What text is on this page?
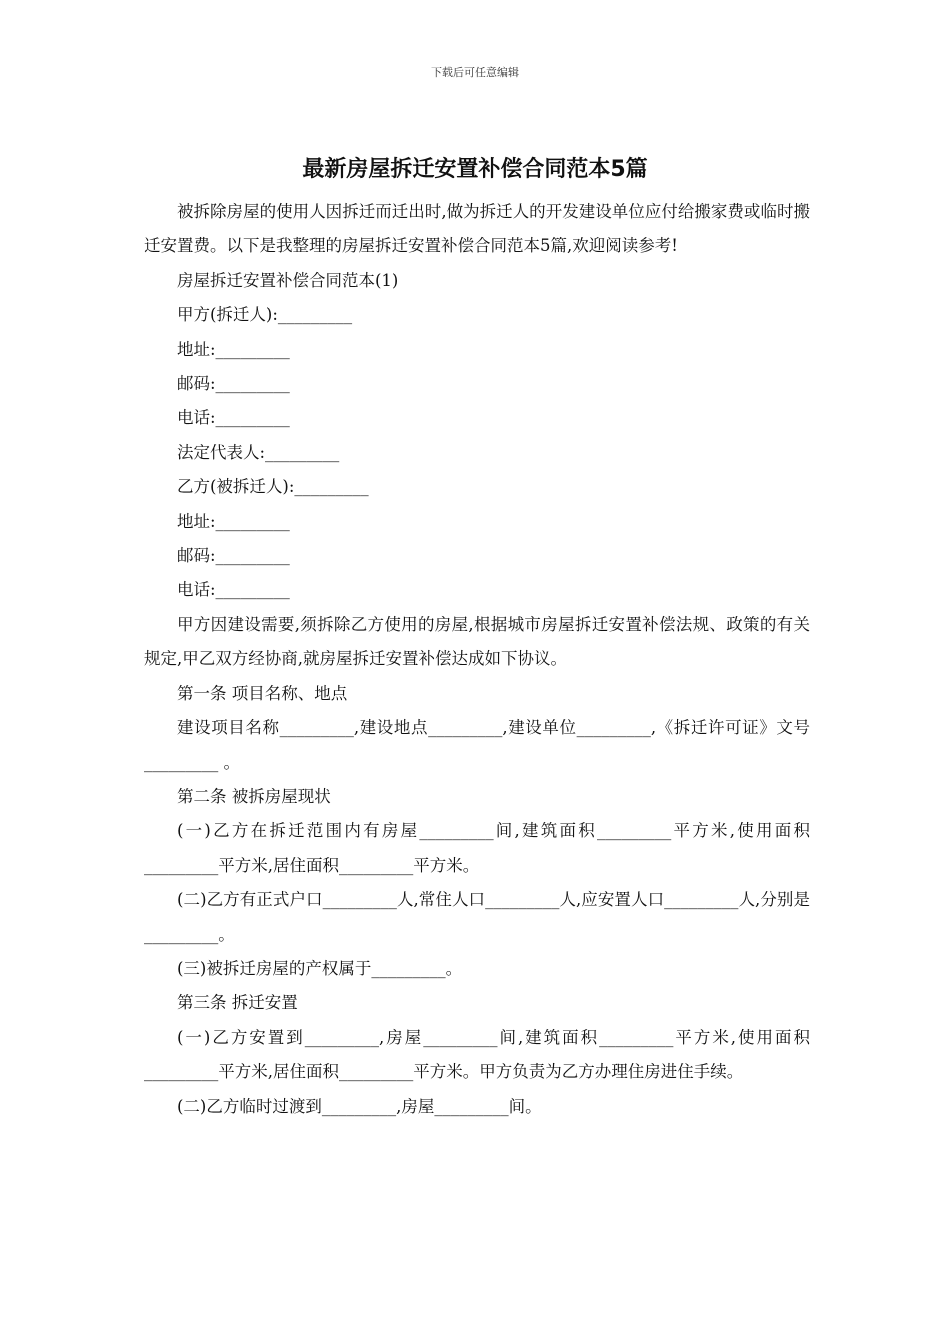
下载后可任意编辑
最新房屋拆迁安置补偿合同范本5篇

被拆除房屋的使用人因拆迁而迁出时,做为拆迁人的开发建设单位应付给搬家费或临时搬迁安置费。以下是我整理的房屋拆迁安置补偿合同范本5篇,欢迎阅读参考!

房屋拆迁安置补偿合同范本(1)

甲方(拆迁人):_________

地址:_________

邮码:_________

电话:_________

法定代表人:_________

乙方(被拆迁人):_________

地址:_________

邮码:_________

电话:_________

甲方因建设需要,须拆除乙方使用的房屋,根据城市房屋拆迁安置补偿法规、政策的有关规定,甲乙双方经协商,就房屋拆迁安置补偿达成如下协议。

第一条 项目名称、地点

建设项目名称_________,建设地点_________,建设单位_________,《拆迁许可证》文号_________ 。

第二条 被拆房屋现状

(一)乙方在拆迁范围内有房屋_________间,建筑面积_________平方米,使用面积_________平方米,居住面积_________平方米。

(二)乙方有正式户口_________人,常住人口_________人,应安置人口_________人,分别是_________。

(三)被拆迁房屋的产权属于_________。

第三条 拆迁安置

(一)乙方安置到_________,房屋_________间,建筑面积_________平方米,使用面积_________平方米,居住面积_________平方米。甲方负责为乙方办理住房进住手续。

(二)乙方临时过渡到_________,房屋_________间。
